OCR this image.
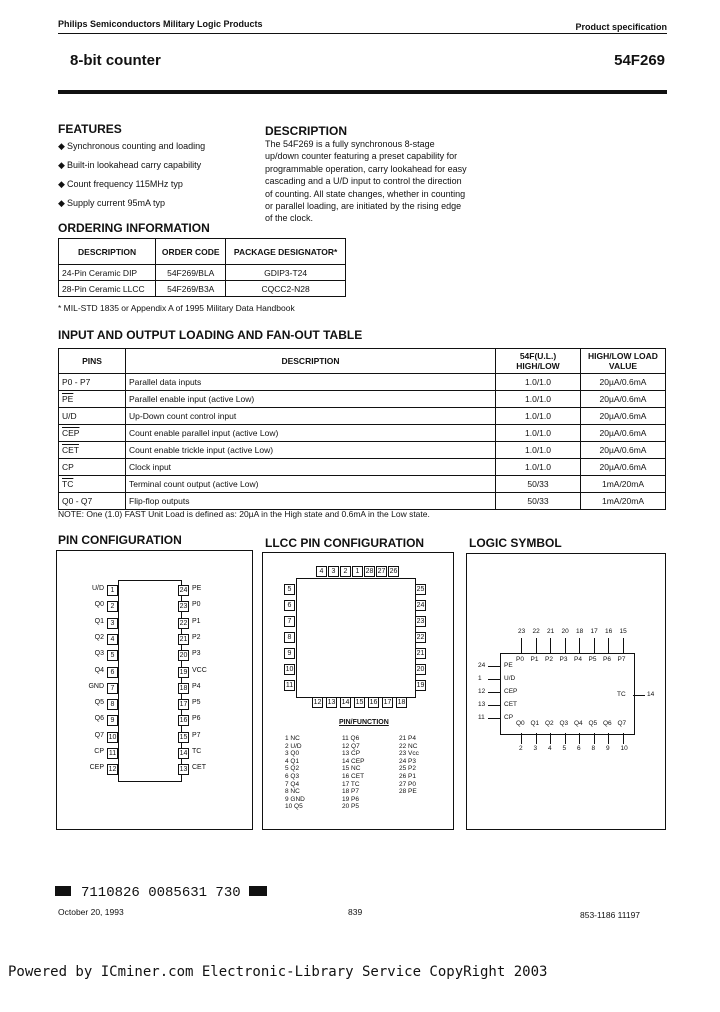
Philips Semiconductors Military Logic Products	Product specification
8-bit counter	54F269
FEATURES
◆ Synchronous counting and loading
◆ Built-in lookahead carry capability
◆ Count frequency 115MHz typ
◆ Supply current 95mA typ
DESCRIPTION
The 54F269 is a fully synchronous 8-stage up/down counter featuring a preset capability for programmable operation, carry lookahead for easy cascading and a U/D input to control the direction of counting. All state changes, whether in counting or parallel loading, are initiated by the rising edge of the clock.
ORDERING INFORMATION
DESCRIPTION	ORDER CODE	PACKAGE DESIGNATOR*
24-Pin Ceramic DIP	54F269/BLA	GDIP3-T24
28-Pin Ceramic LLCC	54F269/B3A	CQCC2-N28
* MIL-STD 1835 or Appendix A of 1995 Military Data Handbook
INPUT AND OUTPUT LOADING AND FAN-OUT TABLE
PINS	DESCRIPTION	54F(U.L.) HIGH/LOW	HIGH/LOW LOAD VALUE
P0 - P7	Parallel data inputs	1.0/1.0	20µA/0.6mA
$\overline{PE}$	Parallel enable input (active Low)	1.0/1.0	20µA/0.6mA
U/D	Up-Down count control input	1.0/1.0	20µA/0.6mA
$\overline{CEP}$	Count enable parallel input (active Low)	1.0/1.0	20µA/0.6mA
$\overline{CET}$	Count enable trickle input (active Low)	1.0/1.0	20µA/0.6mA
CP	Clock input	1.0/1.0	20µA/0.6mA
$\overline{TC}$	Terminal count output (active Low)	50/33	1mA/20mA
Q0 - Q7	Flip-flop outputs	50/33	1mA/20mA
NOTE: One (1.0) FAST Unit Load is defined as: 20µA in the High state and 0.6mA in the Low state.
PIN CONFIGURATION
U/D 1
Q0 2
Q1 3
Q2 4
Q3 5
Q4 6
GND 7
Q5 8
Q6 9
Q7 10
CP 11
CEP 12
24 PE
23 P0
22 P1
21 P2
20 P3
19 VCC
18 P4
17 P5
16 P6
15 P7
14 TC
13 CET
LLCC PIN CONFIGURATION
4	3	2	1 28 27 26
12 13 14 15 16 17 18
5
6
7
8
9
10
11
25
24
23
22
21
20
19
PIN/FUNCTION
1 NC
2 U/D
3 Q0
4 Q1
5 Q2
6 Q3
7 Q4
8 NC
9 GND
10 Q5
11 Q6
12 Q7
13 CP
14 CEP
15 NC
16 CET
17 TC
18 P7
19 P6
20 P5
21 P4
22 NC
23 Vcc
24 P3
25 P2
26 P1
27 P0
28 PE
LOGIC SYMBOL
23
P0
22
P1
21
P2
20
P3
18
P4
17
P5
16
P6
15
P7
Q0
2
Q1
3
Q2
4
Q3
5
Q4
6
Q5
8
Q6
9
Q7
10
24	PE
1	U/D
12	CEP
13	CET
11	CP
TC	14
7110826 0085631 730
October 20, 1993	839	853-1186 11197
Powered by ICminer.com Electronic-Library Service CopyRight 2003
